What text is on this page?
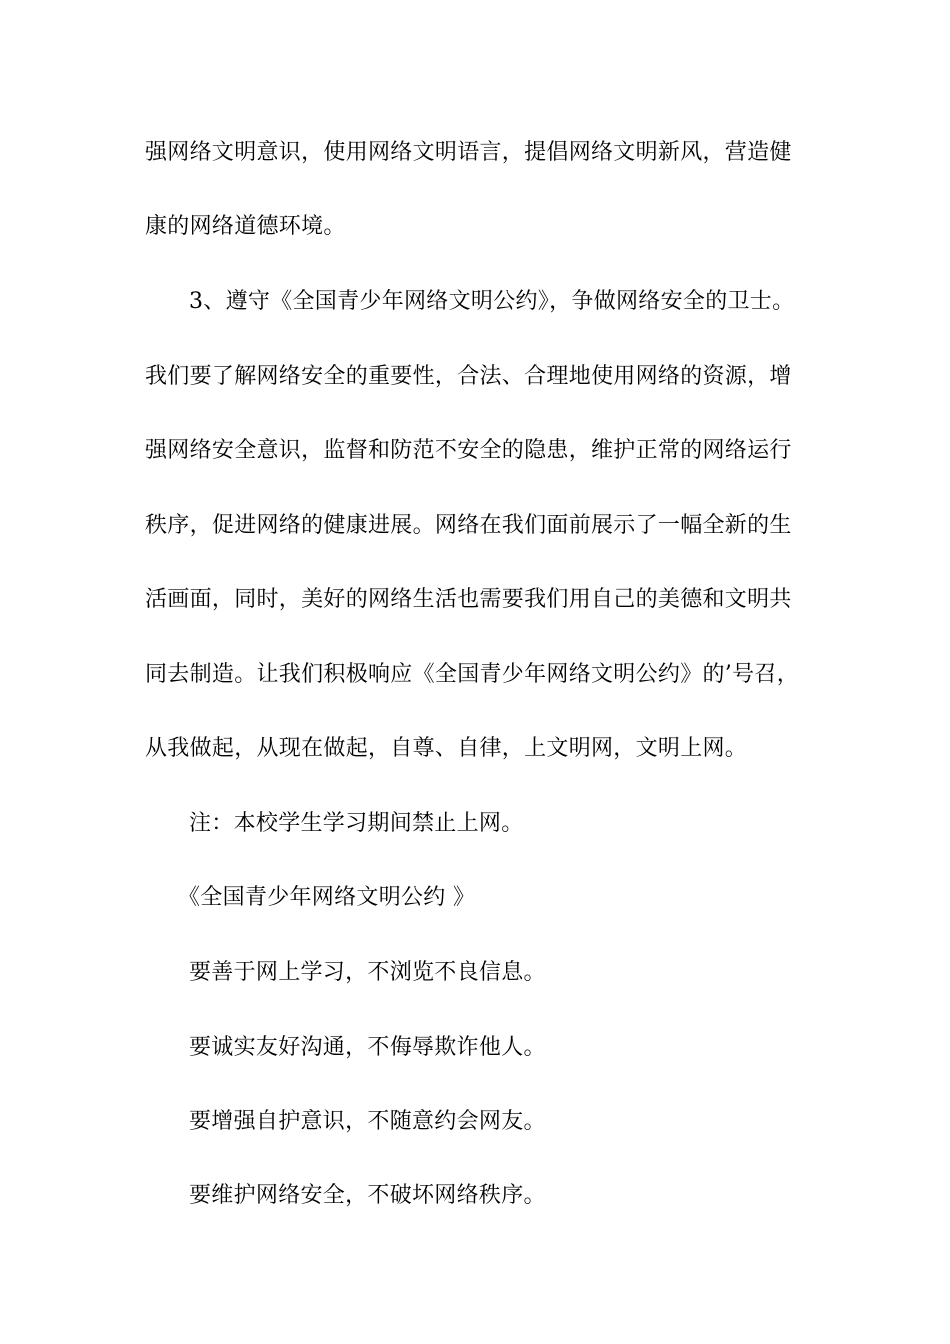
强网络文明意识，使用网络文明语言，提倡网络文明新风，营造健
康的网络道德环境。
3、遵守《全国青少年网络文明公约》，争做网络安全的卫士。
我们要了解网络安全的重要性，合法、合理地使用网络的资源，增
强网络安全意识，监督和防范不安全的隐患，维护正常的网络运行
秩序，促进网络的健康进展。网络在我们面前展示了一幅全新的生
活画面，同时，美好的网络生活也需要我们用自己的美德和文明共
同去制造。让我们积极响应《全国青少年网络文明公约》的’号召，
从我做起，从现在做起，自尊、自律，上文明网，文明上网。
注：本校学生学习期间禁止上网。
《全国青少年网络文明公约 》
要善于网上学习，不浏览不良信息。
要诚实友好沟通，不侮辱欺诈他人。
要增强自护意识，不随意约会网友。
要维护网络安全，不破坏网络秩序。
